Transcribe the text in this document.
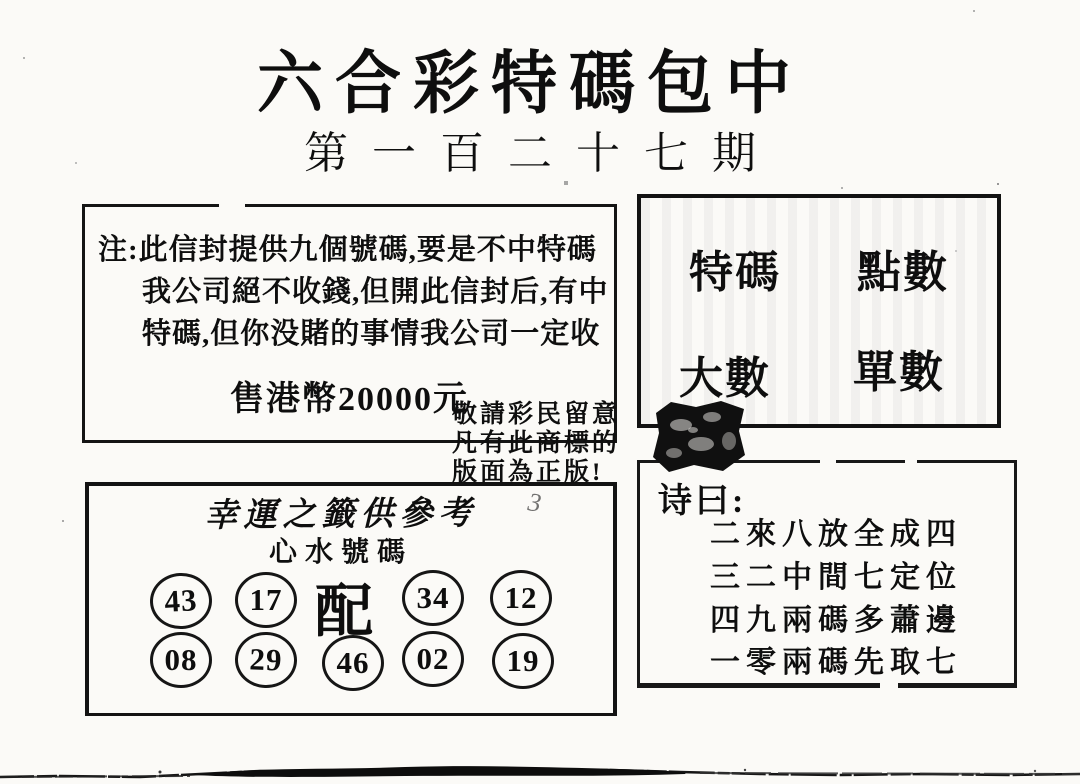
六合彩特碼包中
第一百二十七期
注:此信封提供九個號碼,要是不中特碼
我公司絕不收錢,但開此信封后,有中
特碼,但你没賭的事情我公司一定收
售港幣20000元
敬請彩民留意
凡有此商標的
版面為正版!
特碼 點數
大數 單數
诗曰:
二來八放全成四
三二中間七定位
四九兩碼多蕭邊
一零兩碼先取七
幸運之籤供參考
心水號碼
43	17 配	34	12
08	29	46	02	19
3
